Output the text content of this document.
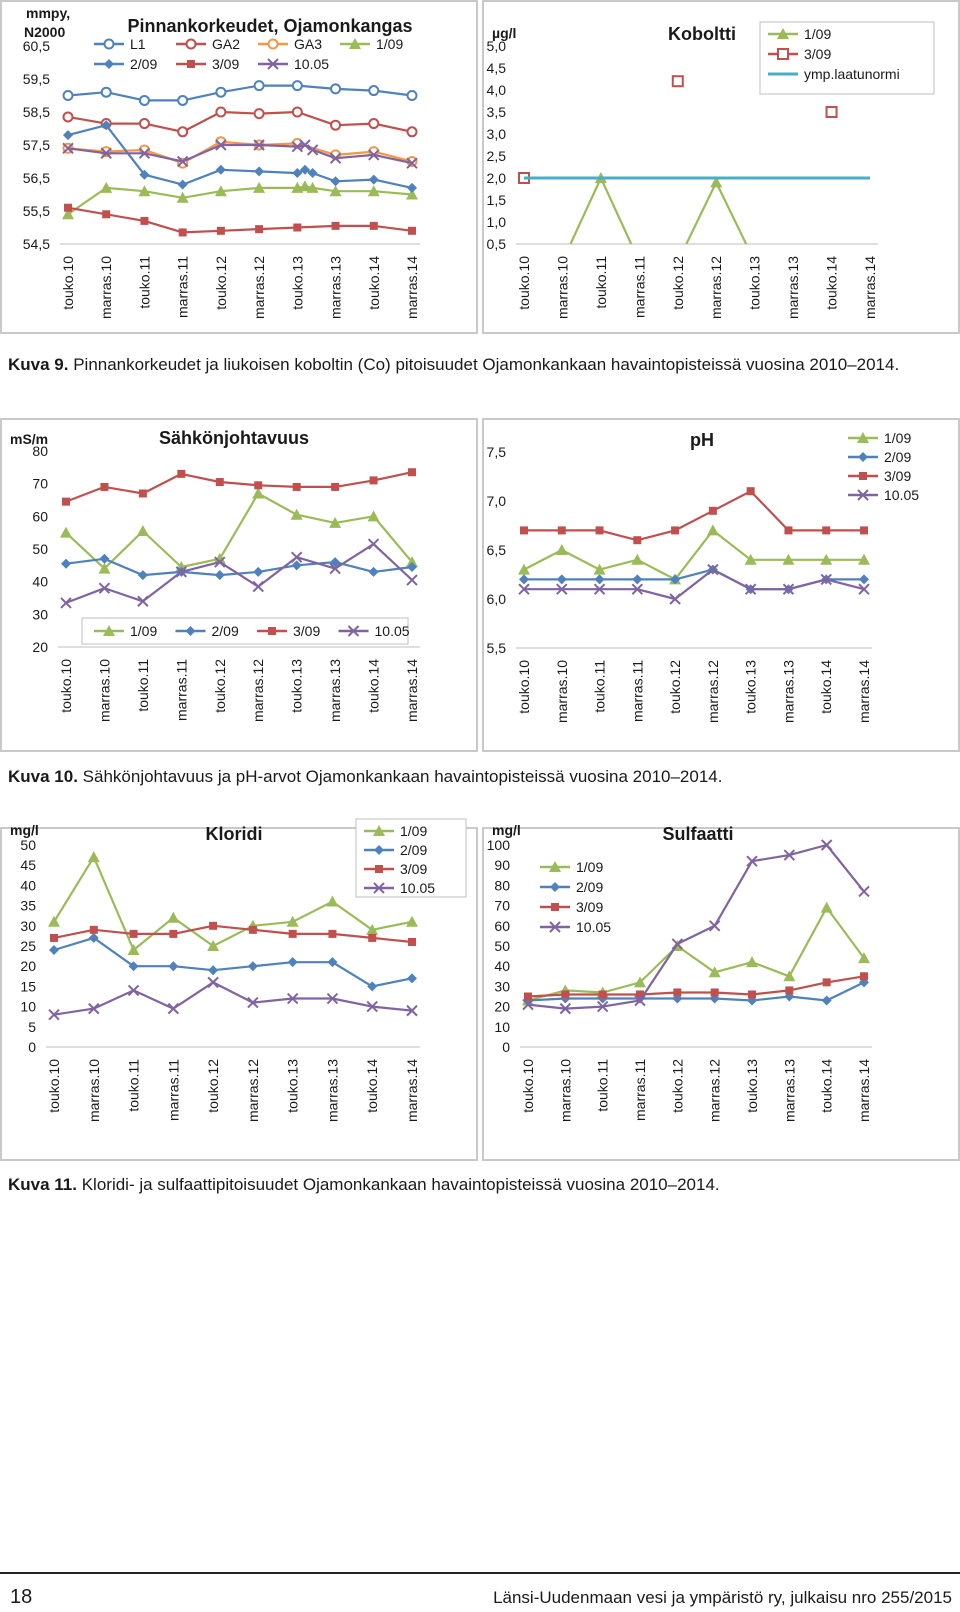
Pinnankorkeudet, Ojamonkangas
mmpy,
N2000
60,5
59,5
58,5
57,5
56,5
55,5
54,5
touko.10 marras.10 touko.11 marras.11 touko.12 marras.12 touko.13 marras.13 touko.14 marras.14
L1	GA2	GA3	1/09
2/09	3/09	10.05
Koboltti
µg/l
5,0
4,5
4,0
3,5
3,0
2,5
2,0
1,5
1,0
0,5
touko.10 marras.10 touko.11 marras.11 touko.12 marras.12 touko.13 marras.13 touko.14 marras.14
1/09
3/09
ymp.laatunormi
Kuva 9. Pinnankorkeudet ja liukoisen koboltin (Co) pitoisuudet Ojamonkankaan havaintopisteissä vuosina 2010–2014.
Sähkönjohtavuus
mS/m
80
70
60
50
40
30
20
touko.10 marras.10 touko.11 marras.11 touko.12 marras.12 touko.13 marras.13 touko.14 marras.14
1/09	2/09	3/09	10.05
pH
7,5
7,0
6,5
6,0
5,5
touko.10 marras.10 touko.11 marras.11 touko.12 marras.12 touko.13 marras.13 touko.14 marras.14
1/09
2/09
3/09
10.05
Kuva 10. Sähkönjohtavuus ja pH-arvot Ojamonkankaan havaintopisteissä vuosina 2010–2014.
Kloridi
mg/l
50
45
40
35
30
25
20
15
10
5
0
touko.10 marras.10 touko.11 marras.11 touko.12 marras.12 touko.13 marras.13 touko.14 marras.14
1/09
2/09
3/09
10.05
Sulfaatti
mg/l
100
90
80
70
60
50
40
30
20
10
0
touko.10 marras.10 touko.11 marras.11 touko.12 marras.12 touko.13 marras.13 touko.14 marras.14
1/09
2/09
3/09
10.05
Kuva 11. Kloridi- ja sulfaattipitoisuudet Ojamonkankaan havaintopisteissä vuosina 2010–2014.
18	Länsi-Uudenmaan vesi ja ympäristö ry, julkaisu nro 255/2015
